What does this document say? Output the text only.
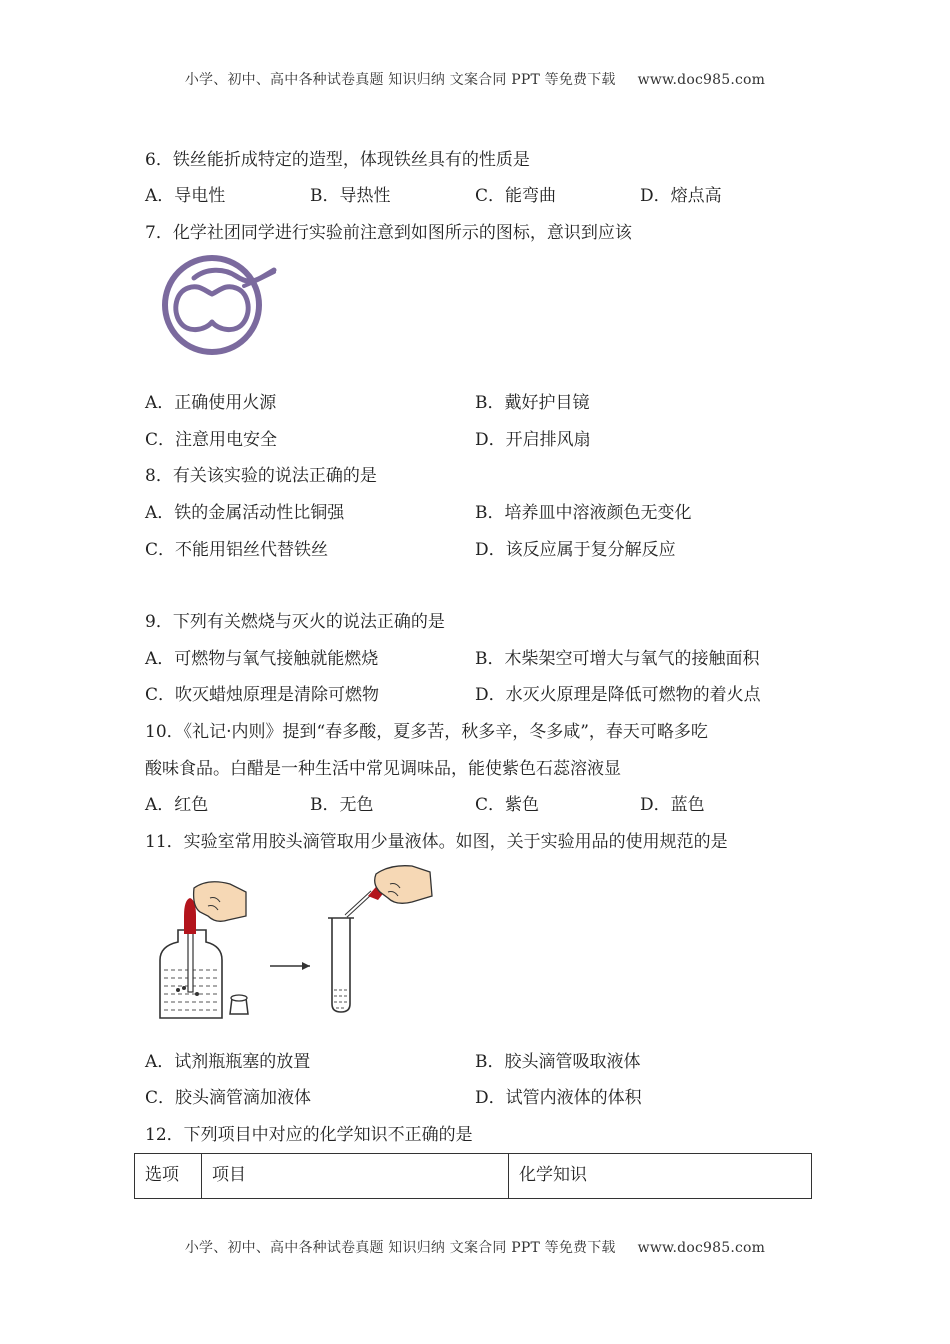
小学、初中、高中各种试卷真题 知识归纳 文案合同 PPT 等免费下载 www.doc985.com
6．铁丝能折成特定的造型，体现铁丝具有的性质是
A．导电性	B．导热性	C．能弯曲	D．熔点高
7．化学社团同学进行实验前注意到如图所示的图标，意识到应该
A．正确使用火源	B．戴好护目镜
C．注意用电安全	D．开启排风扇
8．有关该实验的说法正确的是
A．铁的金属活动性比铜强	B．培养皿中溶液颜色无变化
C．不能用铝丝代替铁丝	D．该反应属于复分解反应
9．下列有关燃烧与灭火的说法正确的是
A．可燃物与氧气接触就能燃烧	B．木柴架空可增大与氧气的接触面积
C．吹灭蜡烛原理是清除可燃物	D．水灭火原理是降低可燃物的着火点
10．《礼记·内则》提到“春多酸，夏多苦，秋多辛，冬多咸”，春天可略多吃
酸味食品。白醋是一种生活中常见调味品，能使紫色石蕊溶液显
A．红色	B．无色	C．紫色	D．蓝色
11．实验室常用胶头滴管取用少量液体。如图，关于实验用品的使用规范的是
A．试剂瓶瓶塞的放置	B．胶头滴管吸取液体
C．胶头滴管滴加液体	D．试管内液体的体积
12．下列项目中对应的化学知识不正确的是
选项	项目	化学知识
小学、初中、高中各种试卷真题 知识归纳 文案合同 PPT 等免费下载 www.doc985.com
